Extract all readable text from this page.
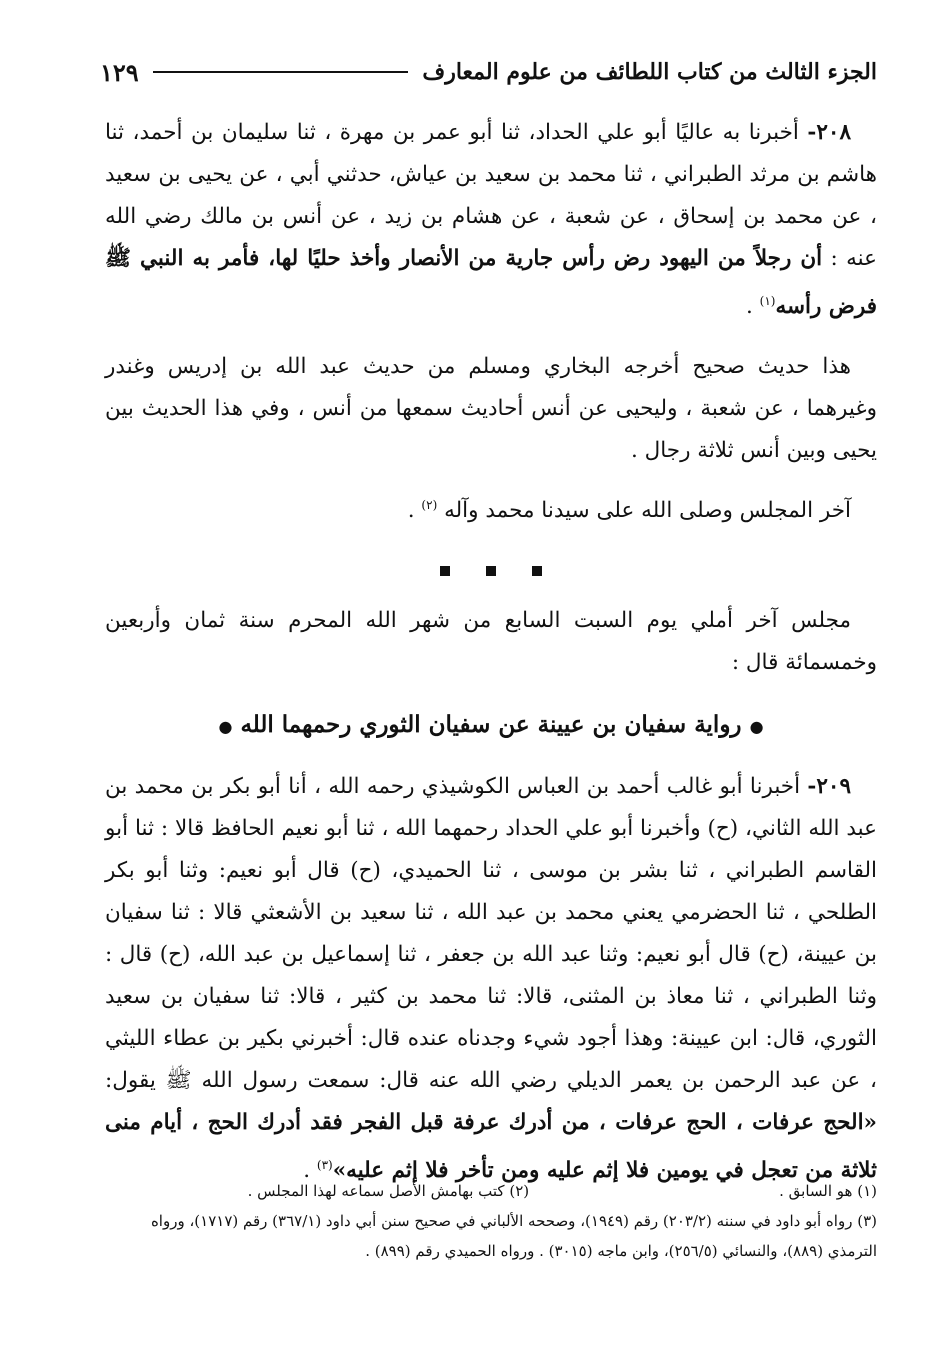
الجزء الثالث من كتاب اللطائف من علوم المعارف
١٢٩

٢٠٨- أخبرنا به عاليًا أبو علي الحداد، ثنا أبو عمر بن مهرة ، ثنا سليمان بن أحمد، ثنا هاشم بن مرثد الطبراني ، ثنا محمد بن سعيد بن عياش، حدثني أبي ، عن يحيى بن سعيد ، عن محمد بن إسحاق ، عن شعبة ، عن هشام بن زيد ، عن أنس بن مالك رضي الله عنه : أن رجلاً من اليهود رض رأس جارية من الأنصار وأخذ حليًا لها، فأمر به النبي ﷺ فرض رأسه$^{(١)}$ .

هذا حديث صحيح أخرجه البخاري ومسلم من حديث عبد الله بن إدريس وغندر وغيرهما ، عن شعبة ، وليحيى عن أنس أحاديث سمعها من أنس ، وفي هذا الحديث بين يحيى وبين أنس ثلاثة رجال .

آخر المجلس وصلى الله على سيدنا محمد وآله $^{(٢)}$ .

مجلس آخر أملي يوم السبت السابع من شهر الله المحرم سنة ثمان وأربعين وخمسمائة قال :

● رواية سفيان بن عيينة عن سفيان الثوري رحمهما الله ●

٢٠٩- أخبرنا أبو غالب أحمد بن العباس الكوشيذي رحمه الله ، أنا أبو بكر بن محمد بن عبد الله الثاني، (ح) وأخبرنا أبو علي الحداد رحمهما الله ، ثنا أبو نعيم الحافظ قالا : ثنا أبو القاسم الطبراني ، ثنا بشر بن موسى ، ثنا الحميدي، (ح) قال أبو نعيم: وثنا أبو بكر الطلحي ، ثنا الحضرمي يعني محمد بن عبد الله ، ثنا سعيد بن الأشعثي قالا : ثنا سفيان بن عيينة، (ح) قال أبو نعيم: وثنا عبد الله بن جعفر ، ثنا إسماعيل بن عبد الله، (ح) قال : وثنا الطبراني ، ثنا معاذ بن المثنى، قالا: ثنا محمد بن كثير ، قالا: ثنا سفيان بن سعيد الثوري، قال: ابن عيينة: وهذا أجود شيء وجدناه عنده قال: أخبرني بكير بن عطاء الليثي ، عن عبد الرحمن بن يعمر الديلي رضي الله عنه قال: سمعت رسول الله ﷺ يقول: «الحج عرفات ، الحج عرفات ، من أدرك عرفة قبل الفجر فقد أدرك الحج ، أيام منى ثلاثة من تعجل في يومين فلا إثم عليه ومن تأخر فلا إثم عليه»$^{(٣)}$ .

(١) هو السابق .
(٢) كتب بهامش الأصل سماعه لهذا المجلس .

(٣) رواه أبو داود في سننه (٢٠٣/٢) رقم (١٩٤٩)، وصححه الألباني في صحيح سنن أبي داود (٣٦٧/١) رقم (١٧١٧)، ورواه الترمذي (٨٨٩)، والنسائي (٢٥٦/٥)، وابن ماجه (٣٠١٥) . ورواه الحميدي رقم (٨٩٩) .
